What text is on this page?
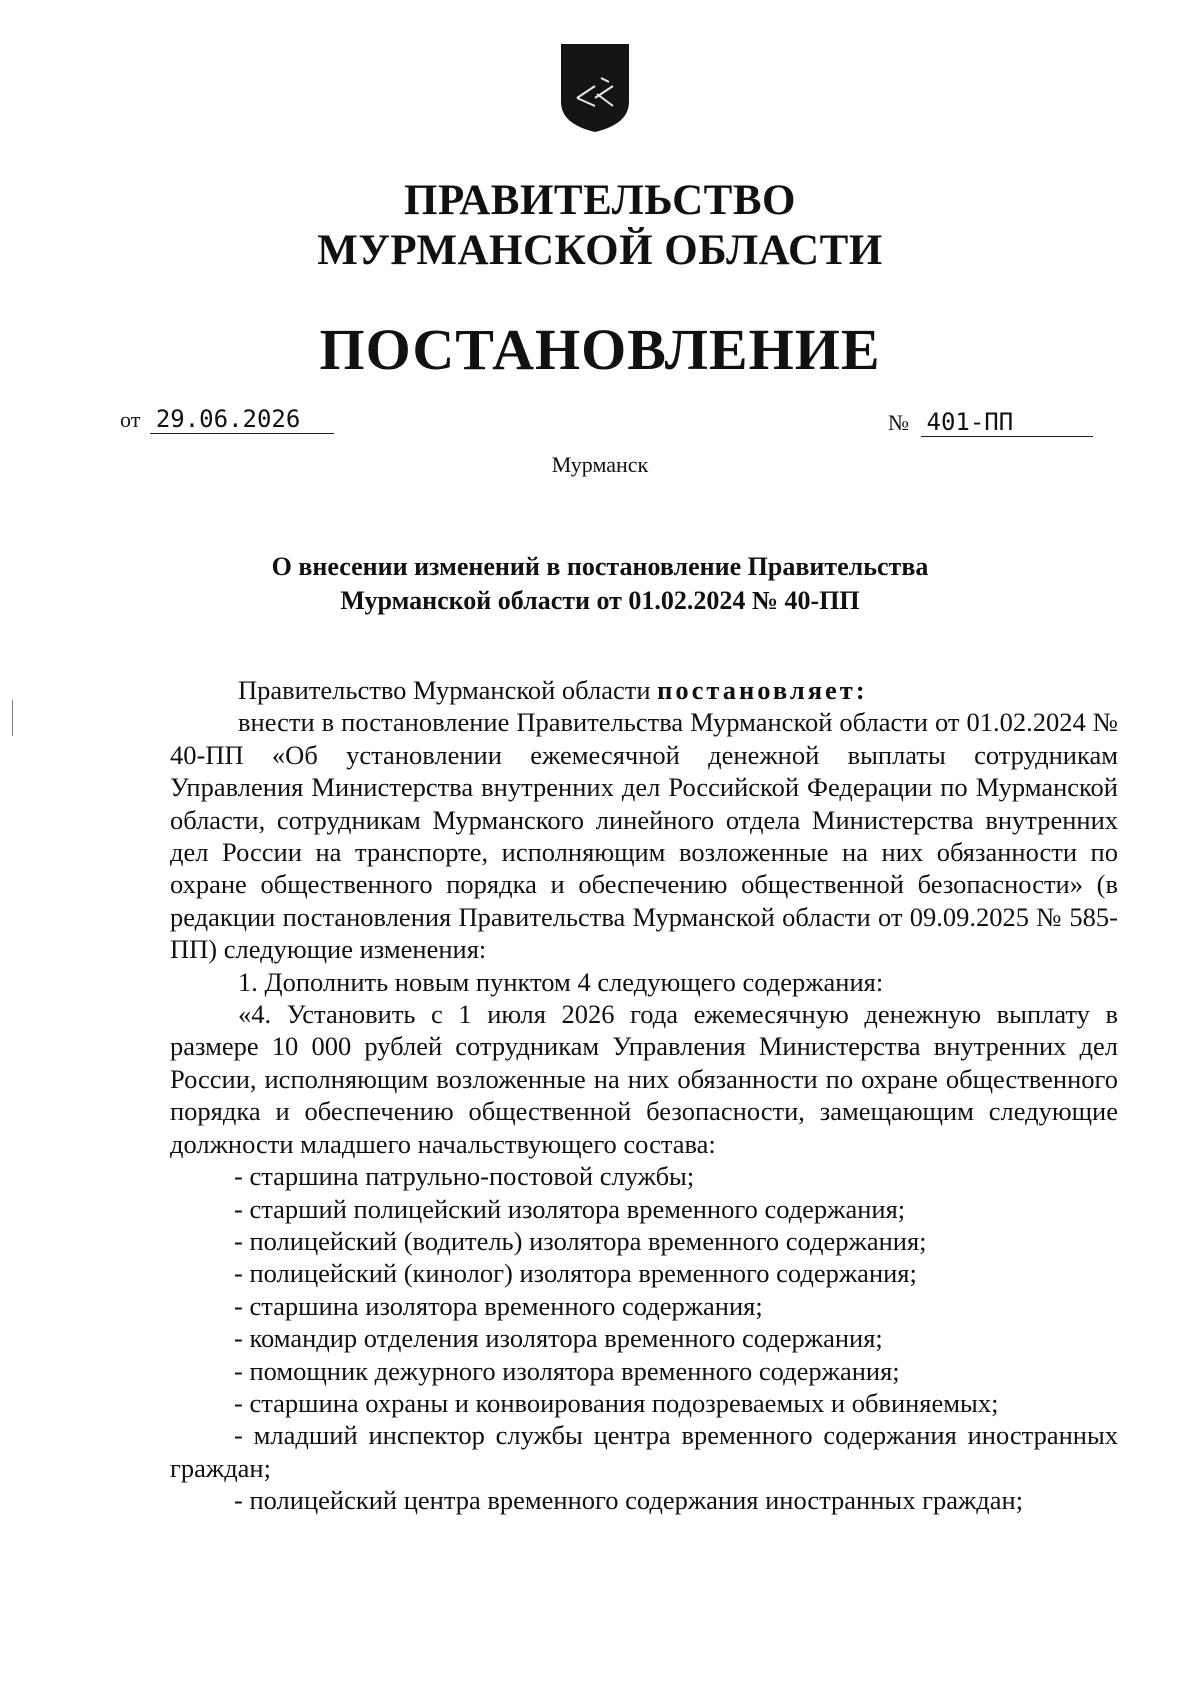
ПРАВИТЕЛЬСТВО
МУРМАНСКОЙ ОБЛАСТИ
ПОСТАНОВЛЕНИЕ
от 29.06.2026	№ 401-ПП
Мурманск
О внесении изменений в постановление Правительства
Мурманской области от 01.02.2024 № 40-ПП

Правительство Мурманской области постановляет:

внести в постановление Правительства Мурманской области от 01.02.2024 № 40-ПП «Об установлении ежемесячной денежной выплаты сотрудникам Управления Министерства внутренних дел Российской Федерации по Мурманской области, сотрудникам Мурманского линейного отдела Министерства внутренних дел России на транспорте, исполняющим возложенные на них обязанности по охране общественного порядка и обеспечению общественной безопасности» (в редакции постановления Правительства Мурманской области от 09.09.2025 № 585-ПП) следующие изменения:

1. Дополнить новым пунктом 4 следующего содержания:

«4. Установить с 1 июля 2026 года ежемесячную денежную выплату в размере 10 000 рублей сотрудникам Управления Министерства внутренних дел России, исполняющим возложенные на них обязанности по охране общественного порядка и обеспечению общественной безопасности, замещающим следующие должности младшего начальствующего состава:

- старшина патрульно-постовой службы;

- старший полицейский изолятора временного содержания;

- полицейский (водитель) изолятора временного содержания;

- полицейский (кинолог) изолятора временного содержания;

- старшина изолятора временного содержания;

- командир отделения изолятора временного содержания;

- помощник дежурного изолятора временного содержания;

- старшина охраны и конвоирования подозреваемых и обвиняемых;

- младший инспектор службы центра временного содержания иностранных граждан;

- полицейский центра временного содержания иностранных граждан;
